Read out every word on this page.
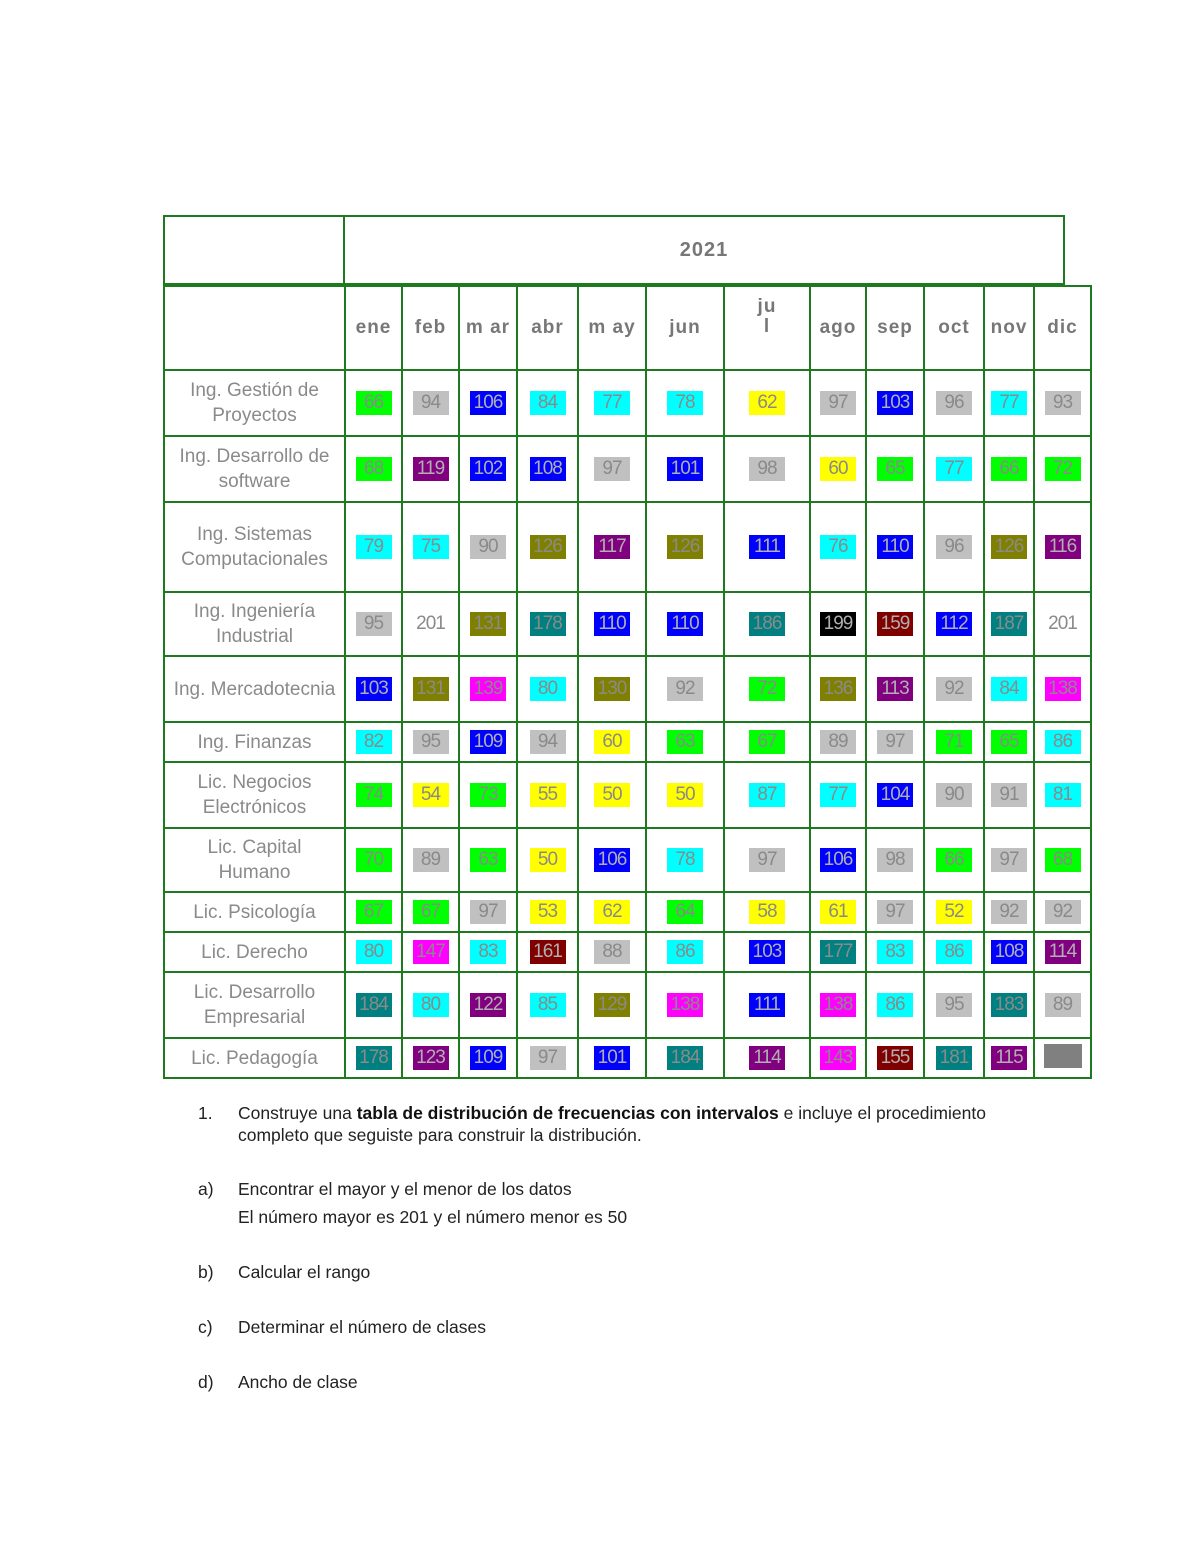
2021
	ene	feb	m ar	abr	m ay	jun	ju
l	ago	sep	oct	nov	dic
Ing. Gestión de Proyectos	66	94	106	84	77	78	62	97	103	96	77	93
Ing. Desarrollo de software	68	119	102	108	97	101	98	60	65	77	66	72
Ing. Sistemas Computacionales	79	75	90	126	117	126	111	76	110	96	126	116
Ing. Ingeniería Industrial	95	201	131	178	110	110	186	199	159	112	187	201
Ing. Mercadotecnia	103	131	139	80	130	92	72	136	113	92	84	138
Ing. Finanzas	82	95	109	94	60	63	67	89	97	71	65	86
Lic. Negocios Electrónicos	74	54	73	55	50	50	87	77	104	90	91	81
Lic. Capital Humano	70	89	63	50	106	78	97	106	98	66	97	68
Lic. Psicología	67	67	97	53	62	64	58	61	97	52	92	92
Lic. Derecho	80	147	83	161	88	86	103	177	83	86	108	114
Lic. Desarrollo Empresarial	184	80	122	85	129	138	111	138	86	95	183	89
Lic. Pedagogía	178	123	109	97	101	184	114	143	155	181	115	
1. Construye una tabla de distribución de frecuencias con intervalos e incluye el procedimiento completo que seguiste para construir la distribución.
a) Encontrar el mayor y el menor de los datos
El número mayor es 201 y el número menor es 50
b) Calcular el rango
c) Determinar el número de clases
d) Ancho de clase
